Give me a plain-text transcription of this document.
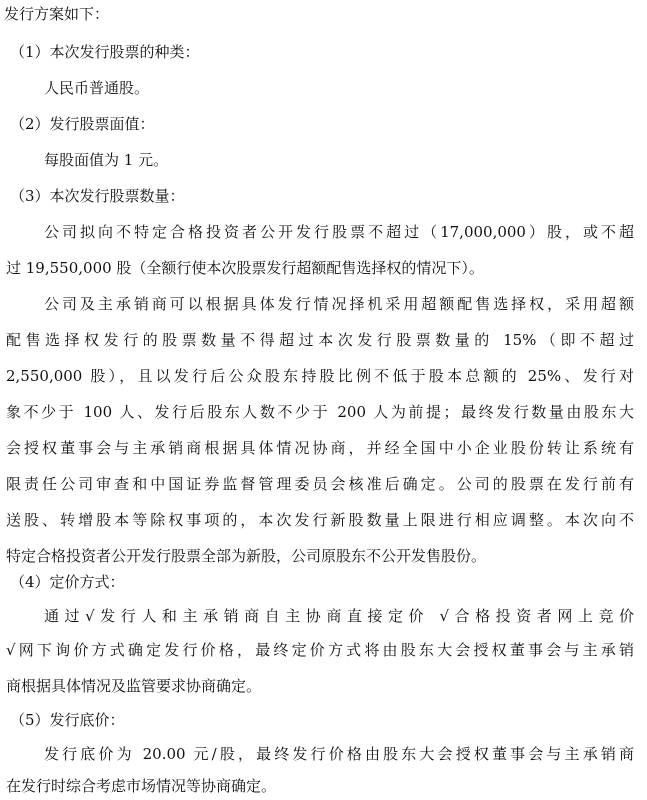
发行方案如下：
（1）本次发行股票的种类：
人民币普通股。
（2）发行股票面值：
每股面值为 1 元。
（3）本次发行股票数量：
公司拟向不特定合格投资者公开发行股票不超过（17,000,000）股，或不超
过 19,550,000 股（全额行使本次股票发行超额配售选择权的情况下）。
公司及主承销商可以根据具体发行情况择机采用超额配售选择权，采用超额
配售选择权发行的股票数量不得超过本次发行股票数量的 15%（即不超过
2,550,000 股），且以发行后公众股东持股比例不低于股本总额的 25%、发行对
象不少于 100 人、发行后股东人数不少于 200 人为前提；最终发行数量由股东大
会授权董事会与主承销商根据具体情况协商，并经全国中小企业股份转让系统有
限责任公司审查和中国证券监督管理委员会核准后确定。公司的股票在发行前有
送股、转增股本等除权事项的，本次发行新股数量上限进行相应调整。本次向不
特定合格投资者公开发行股票全部为新股，公司原股东不公开发售股份。
（4）定价方式：
通过√发行人和主承销商自主协商直接定价 √合格投资者网上竞价
√网下询价方式确定发行价格，最终定价方式将由股东大会授权董事会与主承销
商根据具体情况及监管要求协商确定。
（5）发行底价：
发行底价为 20.00 元/股，最终发行价格由股东大会授权董事会与主承销商
在发行时综合考虑市场情况等协商确定。
